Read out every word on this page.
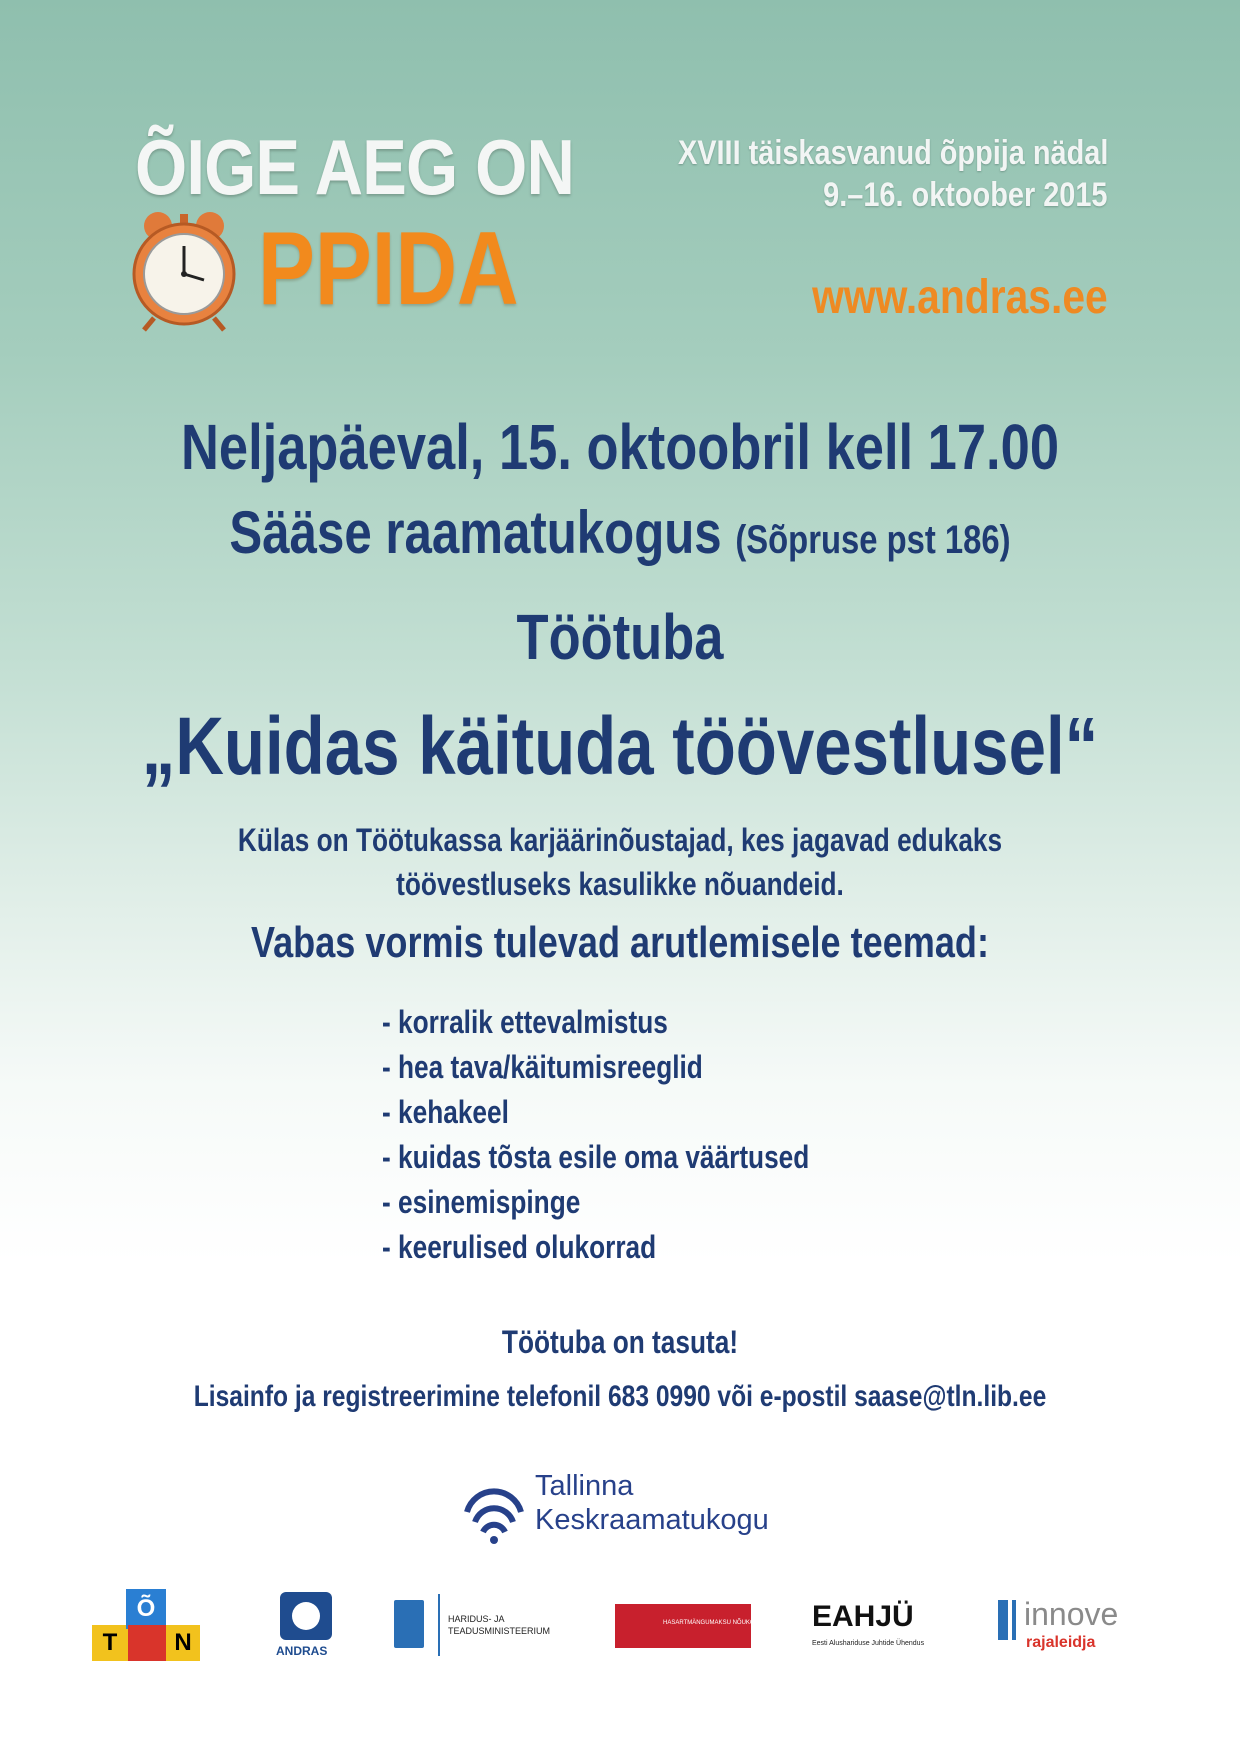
ÕIGE AEG ON
PPIDA
XVIII täiskasvanud õppija nädal
9.–16. oktoober 2015
www.andras.ee
Neljapäeval, 15. oktoobril kell 17.00
Sääse raamatukogus (Sõpruse pst 186)
Töötuba
„Kuidas käituda töövestlusel“
Külas on Töötukassa karjäärinõustajad, kes jagavad edukaks
töövestluseks kasulikke nõuandeid.
Vabas vormis tulevad arutlemisele teemad:
- korralik ettevalmistus
- hea tava/käitumisreeglid
- kehakeel
- kuidas tõsta esile oma väärtused
- esinemispinge
- keerulised olukorrad
Töötuba on tasuta!
Lisainfo ja registreerimine telefonil 683 0990 või e-postil saase@tln.lib.ee
Tallinna
Keskraamatukogu
T
Õ
N	ANDRAS
HARIDUS- JA
TEADUSMINISTEERIUM
HASARTMÄNGUMAKSU NÕUKOGU EAHJÜ
Eesti Alushariduse Juhtide Ühendus
innove
rajaleidja
